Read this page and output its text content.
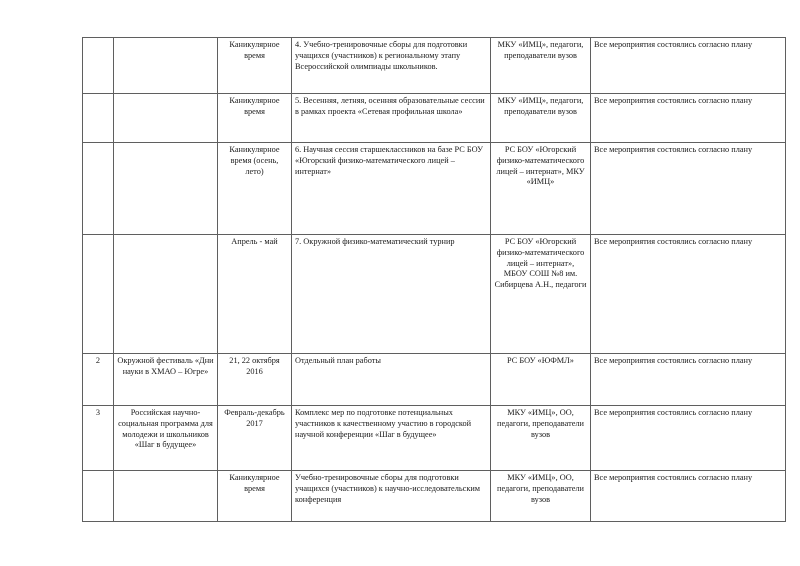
		Каникулярное время	4. Учебно-тренировочные сборы для подготовки учащихся (участников) к региональному этапу Всероссийской олимпиады школьников.	МКУ «ИМЦ», педагоги, преподаватели вузов	Все мероприятия состоялись согласно плану
		Каникулярное время	5. Весенняя, летняя, осенняя образовательные сессии в рамках проекта «Сетевая профильная школа»	МКУ «ИМЦ», педагоги, преподаватели вузов	Все мероприятия состоялись согласно плану
		Каникулярное время (осень, лето)	6. Научная сессия старшеклассников на базе РС БОУ «Югорский физико-математического лицей – интернат»	РС БОУ «Югорский физико-математического лицей – интернат», МКУ «ИМЦ»	Все мероприятия состоялись согласно плану
		Апрель - май	7. Окружной физико-математический турнир	РС БОУ «Югорский физико-математического лицей – интернат», МБОУ СОШ №8 им. Сибирцева А.Н., педагоги	Все мероприятия состоялись согласно плану
2	Окружной фестиваль «Дни науки в ХМАО – Югре»	21, 22 октября 2016	Отдельный план работы	РС БОУ «ЮФМЛ»	Все мероприятия состоялись согласно плану
3	Российская научно-социальная программа для молодежи и школьников «Шаг в будущее»	Февраль-декабрь 2017	Комплекс мер по подготовке потенциальных участников к качественному участию в городской научной конференции «Шаг в будущее»	МКУ «ИМЦ», ОО, педагоги, преподаватели вузов	Все мероприятия состоялись согласно плану
		Каникулярное время	Учебно-тренировочные сборы для подготовки учащихся (участников) к научно-исследовательским конференция	МКУ «ИМЦ», ОО, педагоги, преподаватели вузов	Все мероприятия состоялись согласно плану
